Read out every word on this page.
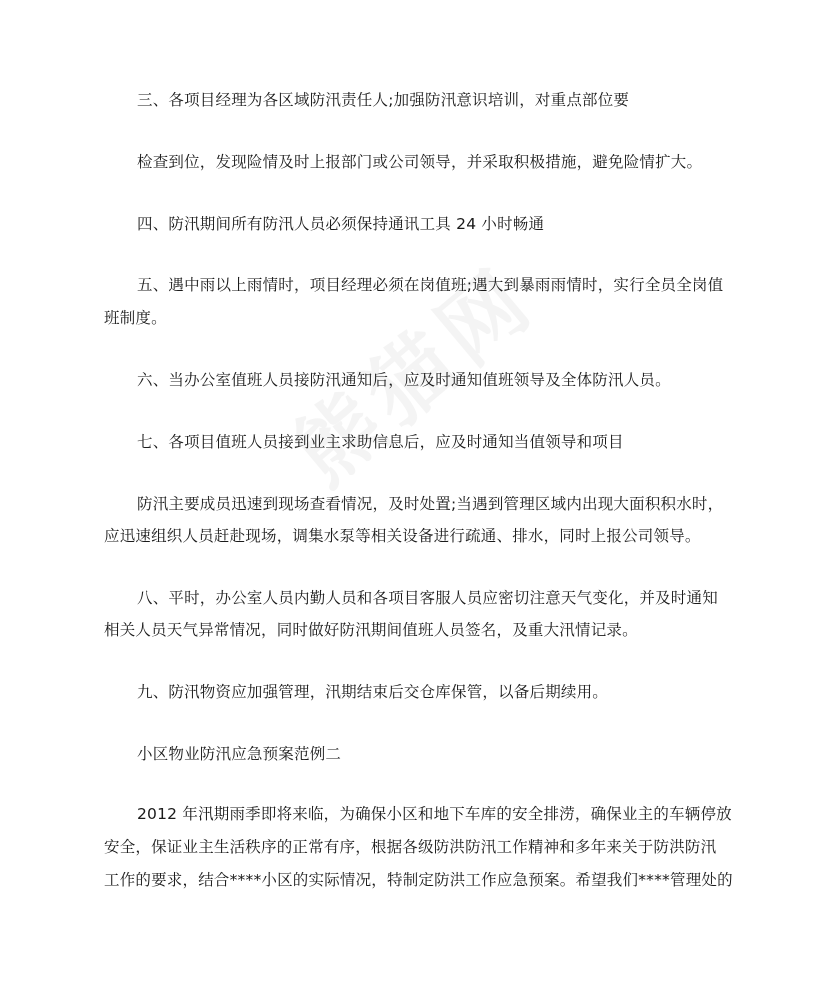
三、各项目经理为各区域防汛责任人;加强防汛意识培训，对重点部位要
检查到位，发现险情及时上报部门或公司领导，并采取积极措施，避免险情扩大。
四、防汛期间所有防汛人员必须保持通讯工具 24 小时畅通
五、遇中雨以上雨情时，项目经理必须在岗值班;遇大到暴雨雨情时，实行全员全岗值
班制度。
六、当办公室值班人员接防汛通知后，应及时通知值班领导及全体防汛人员。
七、各项目值班人员接到业主求助信息后，应及时通知当值领导和项目
防汛主要成员迅速到现场查看情况，及时处置;当遇到管理区域内出现大面积积水时，
应迅速组织人员赶赴现场，调集水泵等相关设备进行疏通、排水，同时上报公司领导。
八、平时，办公室人员内勤人员和各项目客服人员应密切注意天气变化，并及时通知
相关人员天气异常情况，同时做好防汛期间值班人员签名，及重大汛情记录。
九、防汛物资应加强管理，汛期结束后交仓库保管，以备后期续用。
小区物业防汛应急预案范例二
2012 年汛期雨季即将来临，为确保小区和地下车库的安全排涝，确保业主的车辆停放
安全，保证业主生活秩序的正常有序，根据各级防洪防汛工作精神和多年来关于防洪防汛
工作的要求，结合****小区的实际情况，特制定防洪工作应急预案。希望我们****管理处的
